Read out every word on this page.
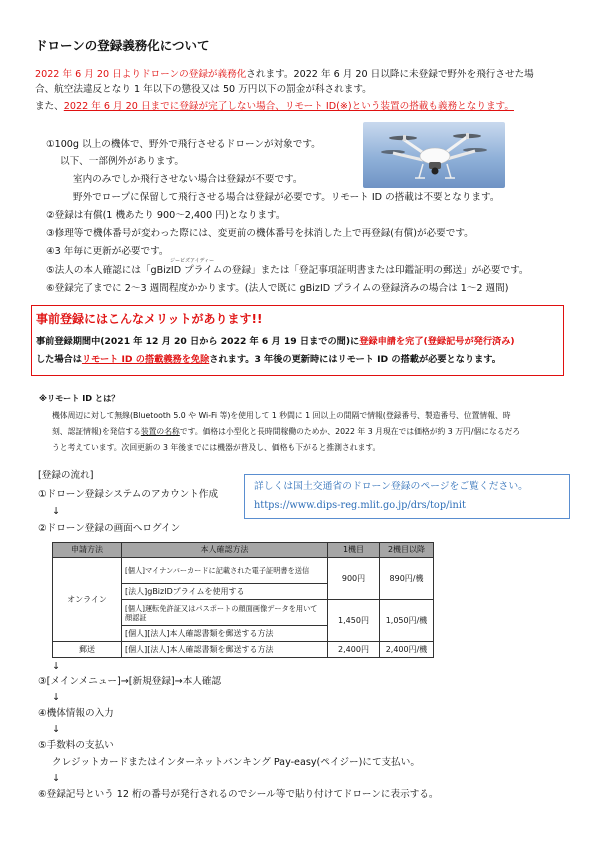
ドローンの登録義務化について
2022 年 6 月 20 日よりドローンの登録が義務化されます。2022 年 6 月 20 日以降に未登録で野外を飛行させた場
合、航空法違反となり 1 年以下の懲役又は 50 万円以下の罰金が科されます。
また、2022 年 6 月 20 日までに登録が完了しない場合、リモート ID(※)という装置の搭載も義務となります。
①100g 以上の機体で、野外で飛行させるドローンが対象です。
以下、一部例外があります。
室内のみでしか飛行させない場合は登録が不要です。
野外でロープに保留して飛行させる場合は登録が必要です。リモート ID の搭載は不要となります。
②登録は有償(1 機あたり 900～2,400 円)となります。
③修理等で機体番号が変わった際には、変更前の機体番号を抹消した上で再登録(有償)が必要です。
④3 年毎に更新が必要です。
ジーピズアイディー
⑤法人の本人確認には「gBizID プライムの登録」または「登記事項証明書または印鑑証明の郵送」が必要です。
⑥登録完了までに 2～3 週間程度かかります。(法人で既に gBizID プライムの登録済みの場合は 1～2 週間)
事前登録にはこんなメリットがあります!!
事前登録期間中(2021 年 12 月 20 日から 2022 年 6 月 19 日までの間)に登録申請を完了(登録記号が発行済み)
した場合はリモート ID の搭載義務を免除されます。3 年後の更新時にはリモート ID の搭載が必要となります。
※リモート ID とは？
機体周辺に対して無線(Bluetooth 5.0 や Wi-Fi 等)を使用して 1 秒間に 1 回以上の間隔で情報(登録番号、製造番号、位置情報、時
刻、認証情報)を発信する装置の名称です。価格は小型化と長時間稼働のためか、2022 年 3 月現在では価格が約 3 万円/個になるだろ
うと考えています。次回更新の 3 年後までには機器が普及し、価格も下がると推測されます。
[登録の流れ]
①ドローン登録システムのアカウント作成
↓
②ドローン登録の画面へログイン
詳しくは国土交通省のドローン登録のページをご覧ください。
https://www.dips-reg.mlit.go.jp/drs/top/init
申請方法	本人確認方法	1機目	2機目以降
オンライン	[個人]マイナンバーカードに記載された電子証明書を送信	900円	890円/機
	[法人]gBizIDプライムを使用する		
	[個人]運転免許証又はパスポートの顔面画像データを用いて顔認証	1,450円	1,050円/機
	[個人][法人]本人確認書類を郵送する方法		
郵送	[個人][法人]本人確認書類を郵送する方法	2,400円	2,400円/機
↓
③[メインメニュー]→[新規登録]→本人確認
↓
④機体情報の入力
↓
⑤手数料の支払い
クレジットカードまたはインターネットバンキング Pay-easy(ペイジー)にて支払い。
↓
⑥登録記号という 12 桁の番号が発行されるのでシール等で貼り付けてドローンに表示する。
